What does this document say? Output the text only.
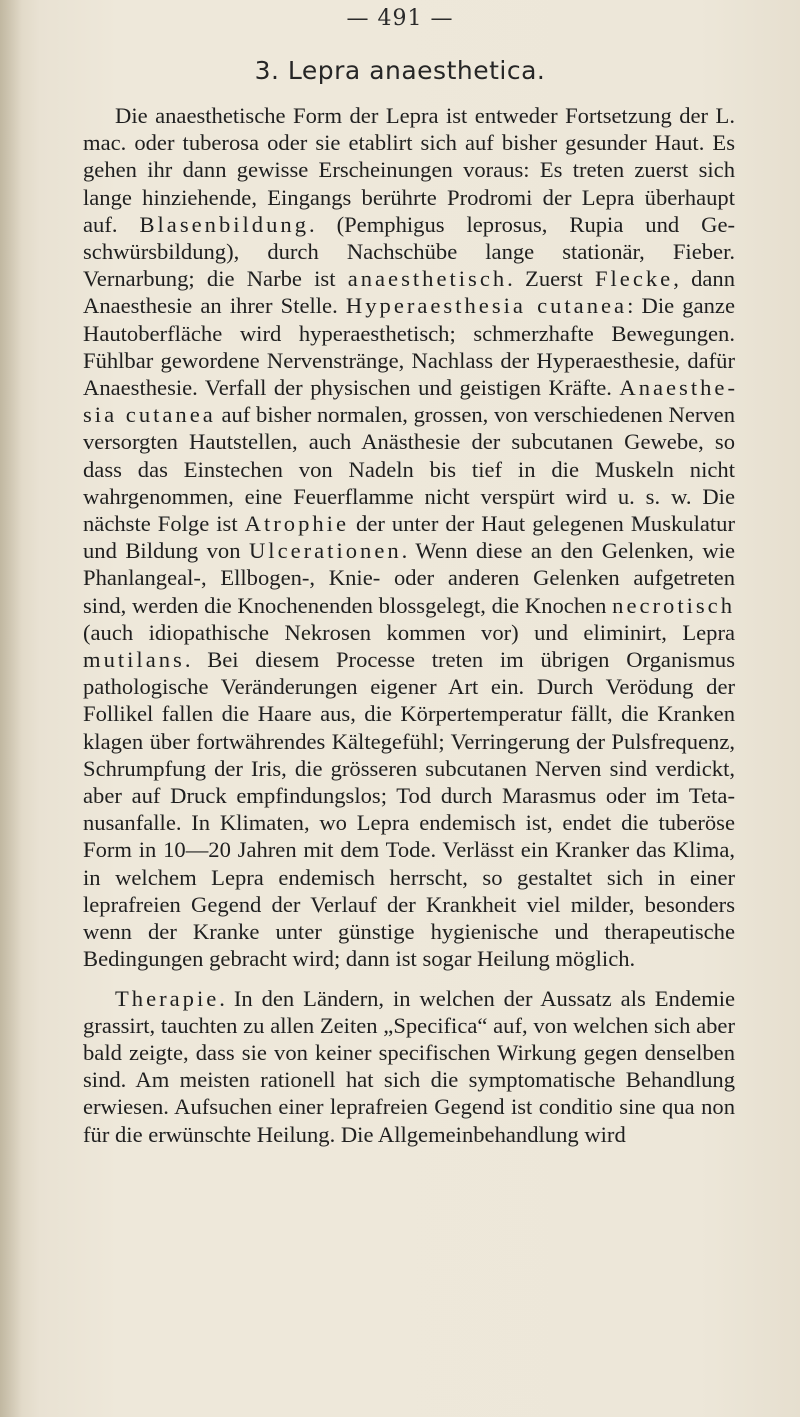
— 491 —
3. Lepra anaesthetica.

Die anaesthetische Form der Lepra ist entweder Fortsetzung der L. mac. oder tuberosa oder sie etablirt sich auf bisher gesunder Haut. Es gehen ihr dann gewisse Erscheinungen voraus: Es treten zuerst sich lange hinziehende, Eingangs berührte Prodromi der Lepra überhaupt auf. Blasenbildung. (Pemphigus leprosus, Rupia und Geschwürsbildung), durch Nachschübe lange stationär, Fieber. Vernarbung; die Narbe ist anaesthetisch. Zuerst Flecke, dann Anaesthesie an ihrer Stelle. Hyperaesthesia cutanea: Die ganze Hautoberfläche wird hyperaesthetisch; schmerzhafte Bewegungen. Fühlbar gewordene Nervenstränge, Nachlass der Hyperaesthesie, dafür Anaesthesie. Verfall der physischen und geistigen Kräfte. Anaesthesia cutanea auf bisher normalen, grossen, von verschiedenen Nerven versorgten Hautstellen, auch Anästhesie der subcutanen Gewebe, so dass das Einstechen von Nadeln bis tief in die Muskeln nicht wahrgenommen, eine Feuerflamme nicht verspürt wird u. s. w. Die nächste Folge ist Atrophie der unter der Haut gelegenen Muskulatur und Bildung von Ulcerationen. Wenn diese an den Gelenken, wie Phanlangeal-, Ellbogen-, Knie- oder anderen Gelenken aufgetreten sind, werden die Knochenenden blossgelegt, die Knochen necrotisch (auch idiopathische Nekrosen kommen vor) und eliminirt, Lepra mutilans. Bei diesem Processe treten im übrigen Organismus pathologische Veränderungen eigener Art ein. Durch Verödung der Follikel fallen die Haare aus, die Körpertemperatur fällt, die Kranken klagen über fortwährendes Kältegefühl; Verringerung der Pulsfrequenz, Schrumpfung der Iris, die grösseren subcutanen Nerven sind verdickt, aber auf Druck empfindungslos; Tod durch Marasmus oder im Tetanusanfalle. In Klimaten, wo Lepra endemisch ist, endet die tuberöse Form in 10—20 Jahren mit dem Tode. Verlässt ein Kranker das Klima, in welchem Lepra endemisch herrscht, so gestaltet sich in einer leprafreien Gegend der Verlauf der Krankheit viel milder, besonders wenn der Kranke unter günstige hygienische und therapeutische Bedingungen gebracht wird; dann ist sogar Heilung möglich.

Therapie. In den Ländern, in welchen der Aussatz als Endemie grassirt, tauchten zu allen Zeiten „Specifica“ auf, von welchen sich aber bald zeigte, dass sie von keiner specifischen Wirkung gegen denselben sind. Am meisten rationell hat sich die symptomatische Behandlung erwiesen. Aufsuchen einer leprafreien Gegend ist conditio sine qua non für die erwünschte Heilung. Die Allgemeinbehandlung wird
